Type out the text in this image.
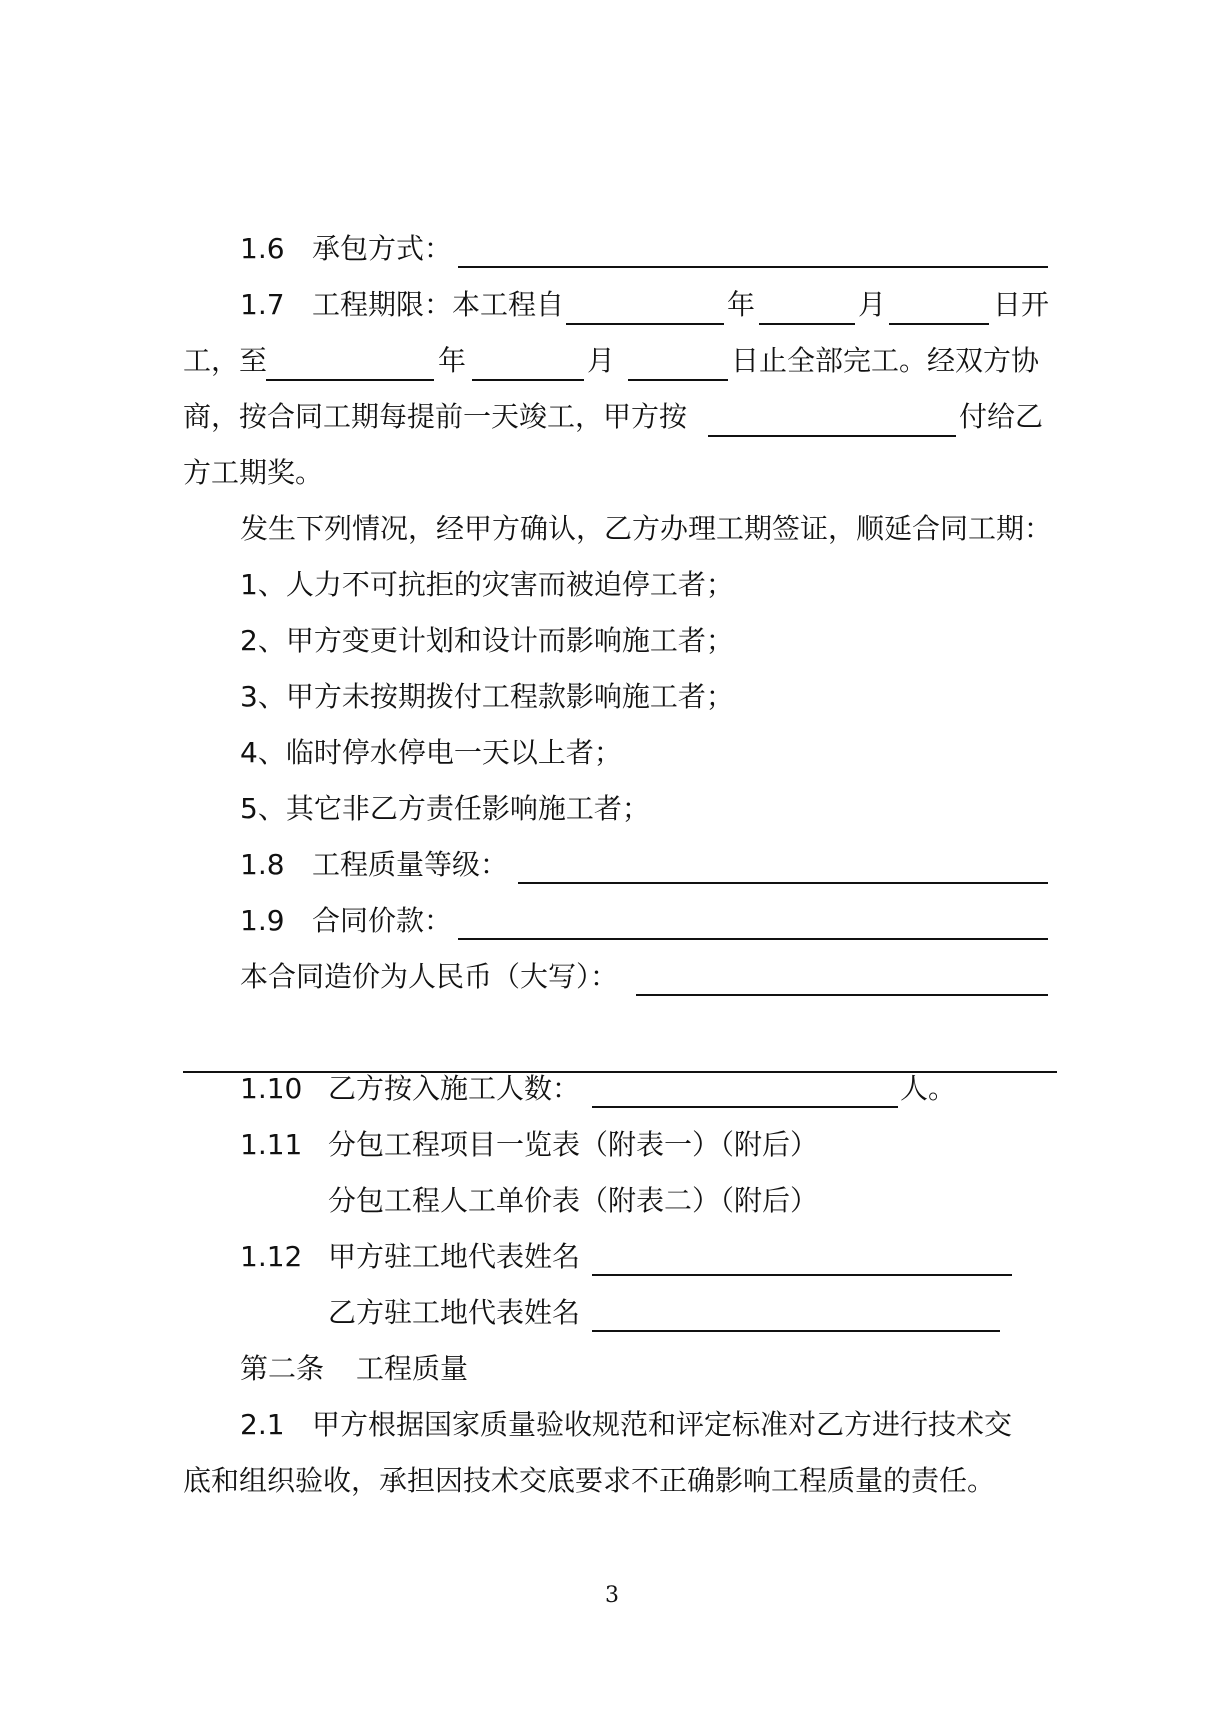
1.6 承包方式：
1.7 工程期限：本工程自	年	月	日开
工，至	年	月	日止全部完工。经双方协
商，按合同工期每提前一天竣工，甲方按	付给乙
方工期奖。
发生下列情况，经甲方确认，乙方办理工期签证，顺延合同工期：
1、人力不可抗拒的灾害而被迫停工者；
2、甲方变更计划和设计而影响施工者；
3、甲方未按期拨付工程款影响施工者；
4、临时停水停电一天以上者；
5、其它非乙方责任影响施工者；
1.8 工程质量等级：
1.9 合同价款：
本合同造价为人民币（大写）：
1.10 乙方按入施工人数：	人。
1.11 分包工程项目一览表（附表一）（附后）
分包工程人工单价表（附表二）（附后）
1.12 甲方驻工地代表姓名
乙方驻工地代表姓名
第二条 工程质量
2.1 甲方根据国家质量验收规范和评定标准对乙方进行技术交
底和组织验收，承担因技术交底要求不正确影响工程质量的责任。
3
